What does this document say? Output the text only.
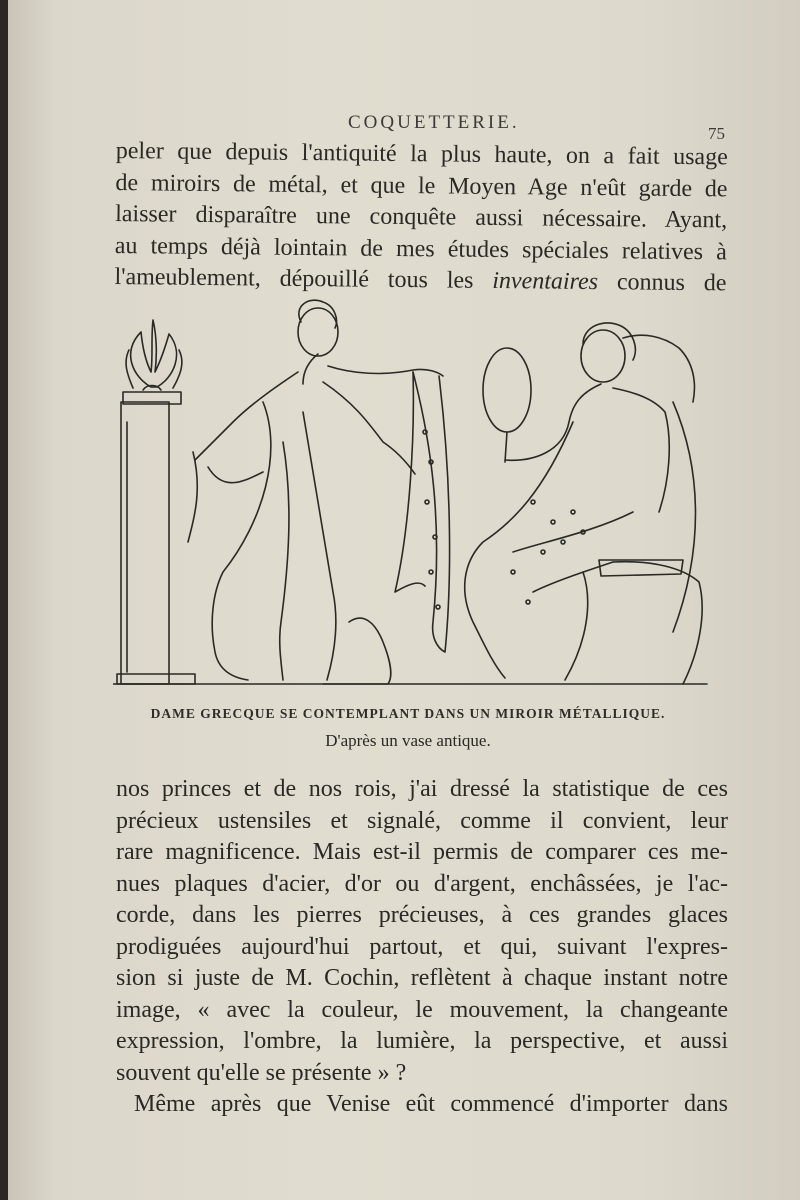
COQUETTERIE.
75
peler que depuis l'antiquité la plus haute, on a fait usage
de miroirs de métal, et que le Moyen Age n'eût garde de
laisser disparaître une conquête aussi nécessaire. Ayant,
au temps déjà lointain de mes études spéciales relatives à
l'ameublement, dépouillé tous les inventaires connus de
DAME GRECQUE SE CONTEMPLANT DANS UN MIROIR MÉTALLIQUE.
D'après un vase antique.
nos princes et de nos rois, j'ai dressé la statistique de ces
précieux ustensiles et signalé, comme il convient, leur
rare magnificence. Mais est-il permis de comparer ces me-
nues plaques d'acier, d'or ou d'argent, enchâssées, je l'ac-
corde, dans les pierres précieuses, à ces grandes glaces
prodiguées aujourd'hui partout, et qui, suivant l'expres-
sion si juste de M. Cochin, reflètent à chaque instant notre
image, « avec la couleur, le mouvement, la changeante
expression, l'ombre, la lumière, la perspective, et aussi
souvent qu'elle se présente » ?
Même après que Venise eût commencé d'importer dans
